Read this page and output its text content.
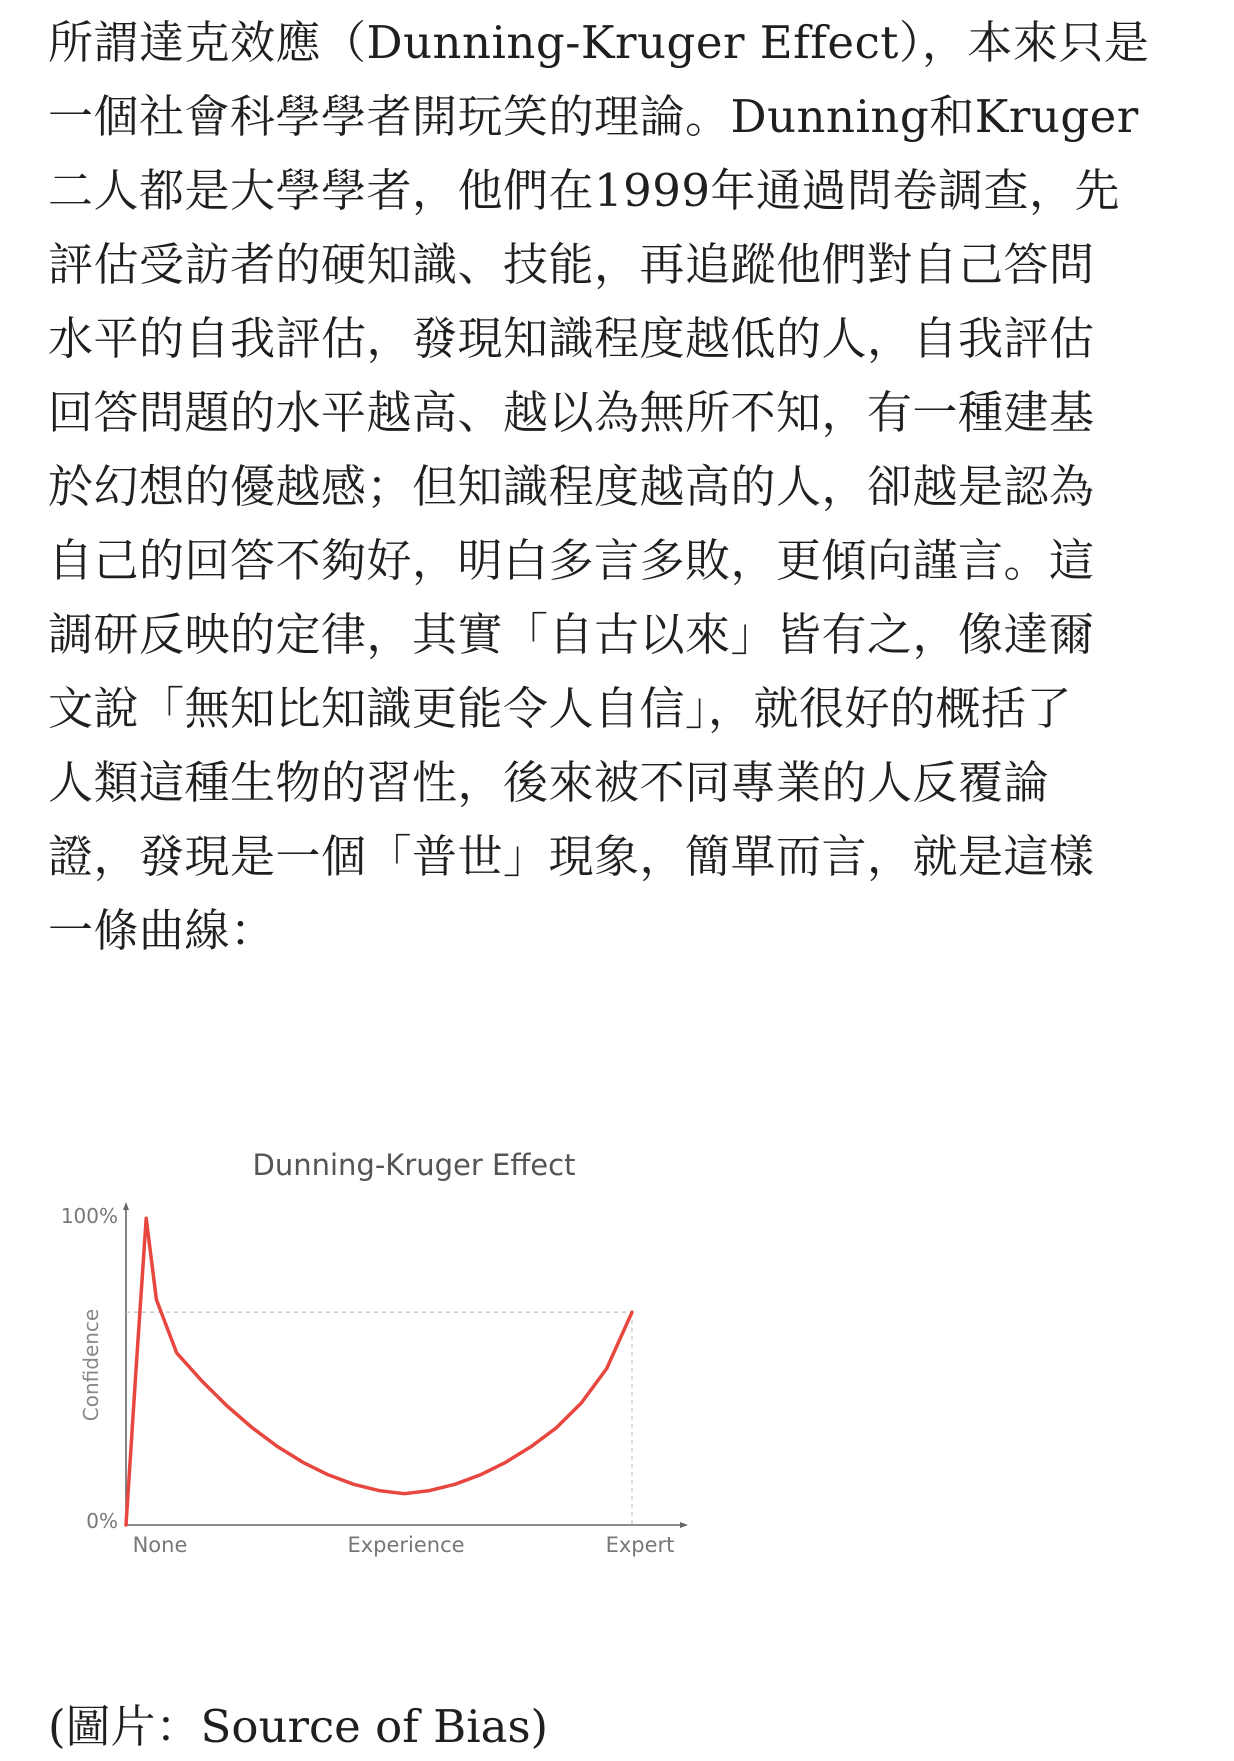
所謂達克效應（Dunning-Kruger Effect），本來只是
一個社會科學學者開玩笑的理論。Dunning和Kruger
二人都是大學學者，他們在1999年通過問卷調查，先
評估受訪者的硬知識、技能，再追蹤他們對自己答問
水平的自我評估，發現知識程度越低的人，自我評估
回答問題的水平越高、越以為無所不知，有一種建基
於幻想的優越感；但知識程度越高的人，卻越是認為
自己的回答不夠好，明白多言多敗，更傾向謹言。這
調研反映的定律，其實「自古以來」皆有之，像達爾
文說「無知比知識更能令人自信」，就很好的概括了
人類這種生物的習性，後來被不同專業的人反覆論
證，發現是一個「普世」現象，簡單而言，就是這樣
一條曲線：
Dunning-Kruger Effect
100%
0%
Confidence
None	Experience	Expert
(圖片：Source of Bias)
